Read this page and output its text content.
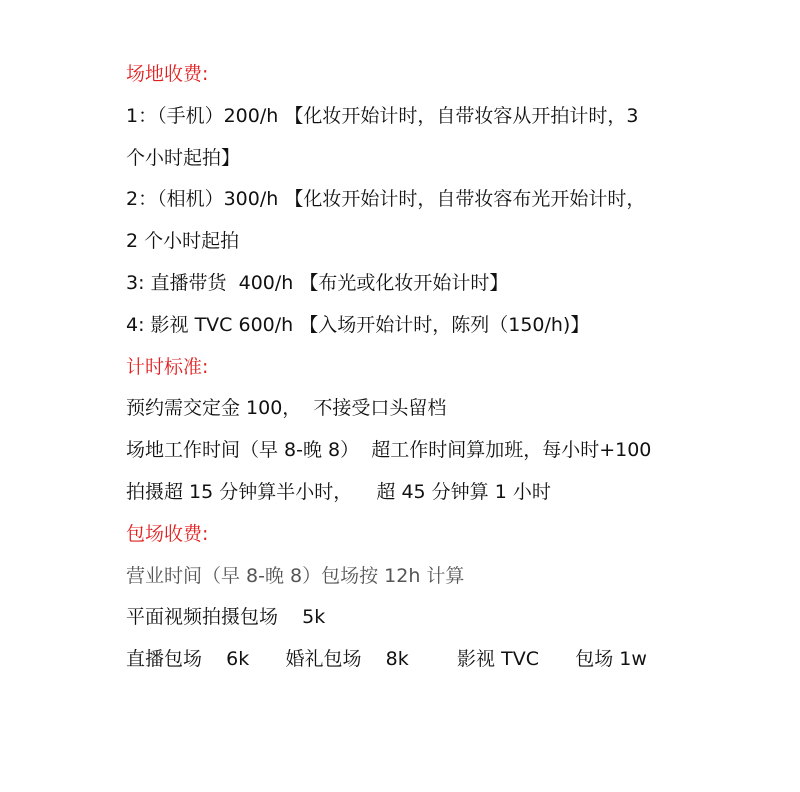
场地收费:
1：（手机）200/h 【化妆开始计时，自带妆容从开拍计时，3
个小时起拍】
2：（相机）300/h 【化妆开始计时，自带妆容布光开始计时，
2 个小时起拍
3: 直播带货  400/h 【布光或化妆开始计时】
4: 影视 TVC 600/h 【入场开始计时，陈列（150/h)】
计时标准:
预约需交定金 100，  不接受口头留档
场地工作时间（早 8-晚 8）  超工作时间算加班，每小时+100
拍摄超 15 分钟算半小时，    超 45 分钟算 1 小时
包场收费:
营业时间（早 8-晚 8）包场按 12h 计算
平面视频拍摄包场    5k
直播包场    6k      婚礼包场    8k        影视 TVC      包场 1w
